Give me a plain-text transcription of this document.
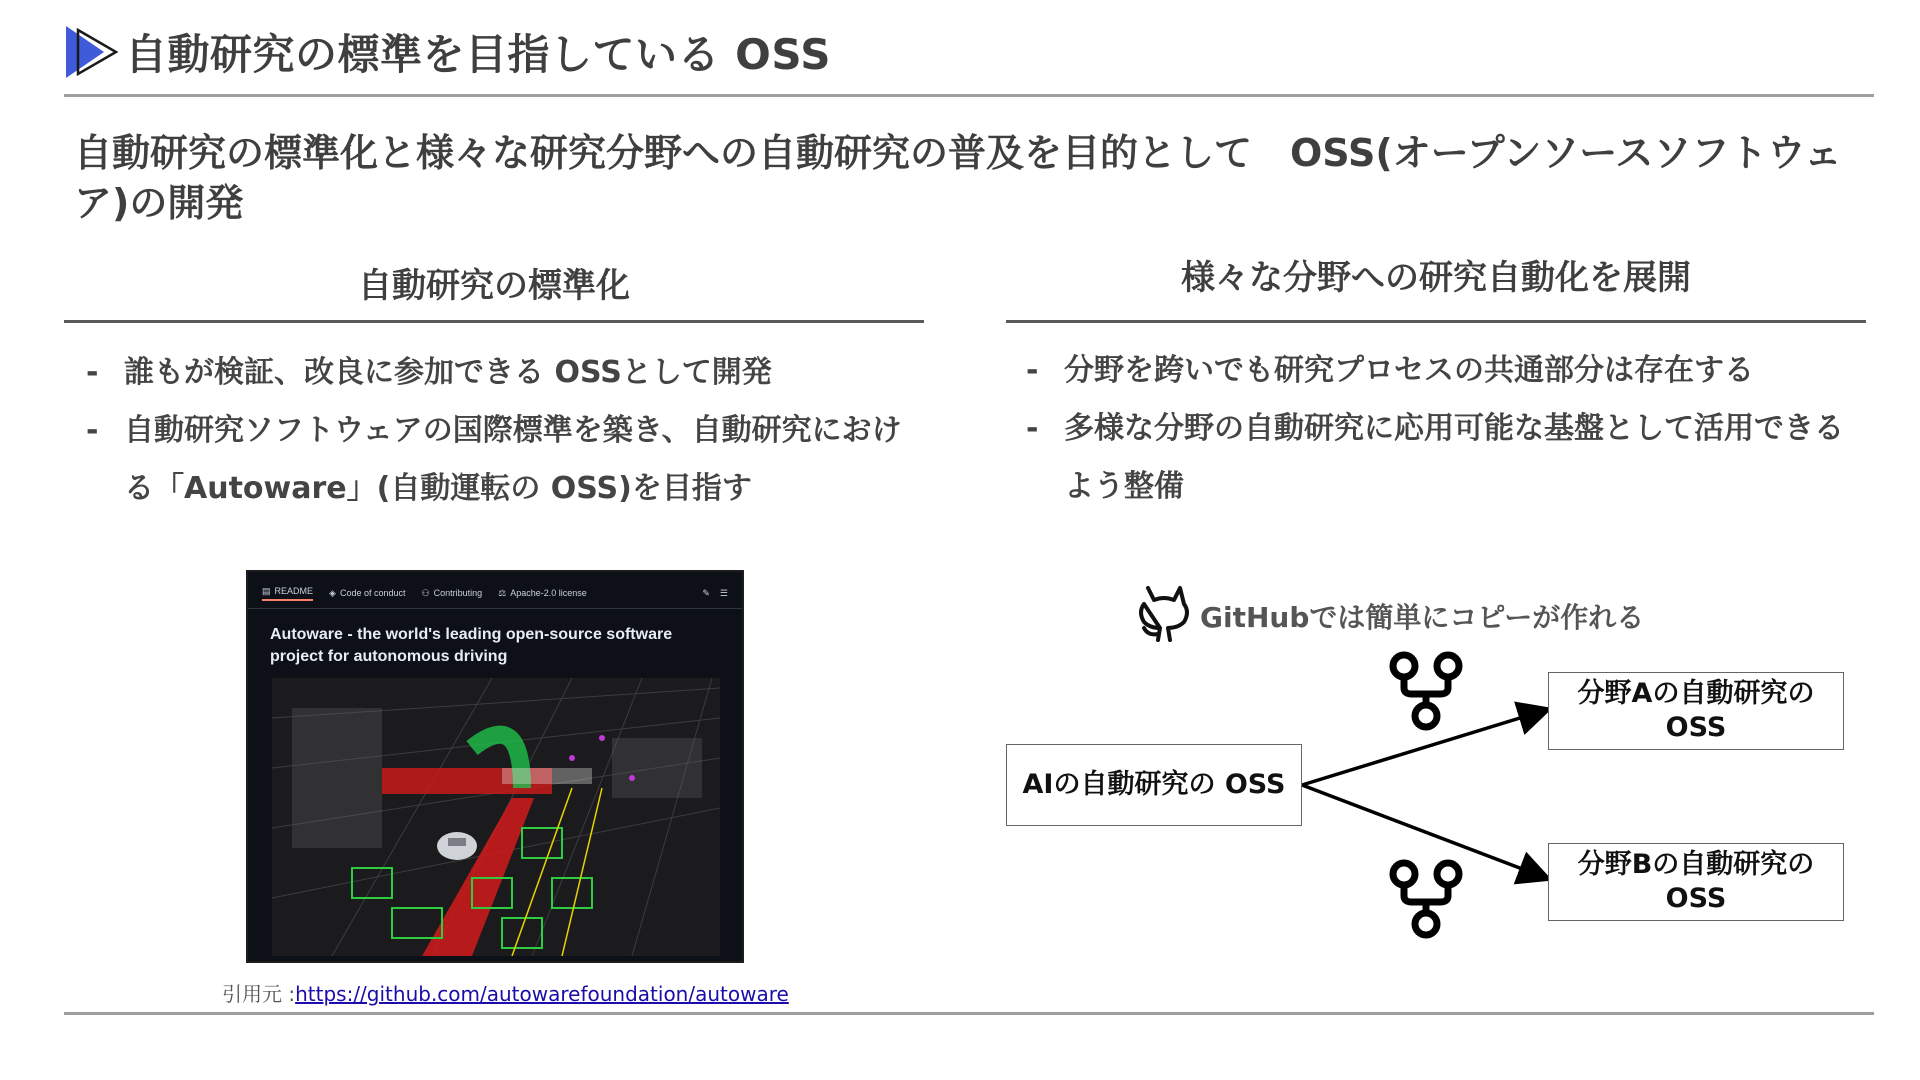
自動研究の標準を目指している OSS
自動研究の標準化と様々な研究分野への自動研究の普及を目的として　OSS(オープンソースソフトウェア)の開発
自動研究の標準化
- 誰もが検証、改良に参加できる OSSとして開発
- 自動研究ソフトウェアの国際標準を築き、自動研究における「Autoware」(自動運転の OSS)を目指す
▤ README ◈ Code of conduct ⚇ Contributing ⚖ Apache-2.0 license	✎ ☰
Autoware - the world's leading open-source software project for autonomous driving
引用元 :https://github.com/autowarefoundation/autoware
様々な分野への研究自動化を展開
- 分野を跨いでも研究プロセスの共通部分は存在する
- 多様な分野の自動研究に応用可能な基盤として活用できるよう整備
GitHubでは簡単にコピーが作れる
AIの自動研究の OSS
分野Aの自動研究の OSS
分野Bの自動研究の OSS
